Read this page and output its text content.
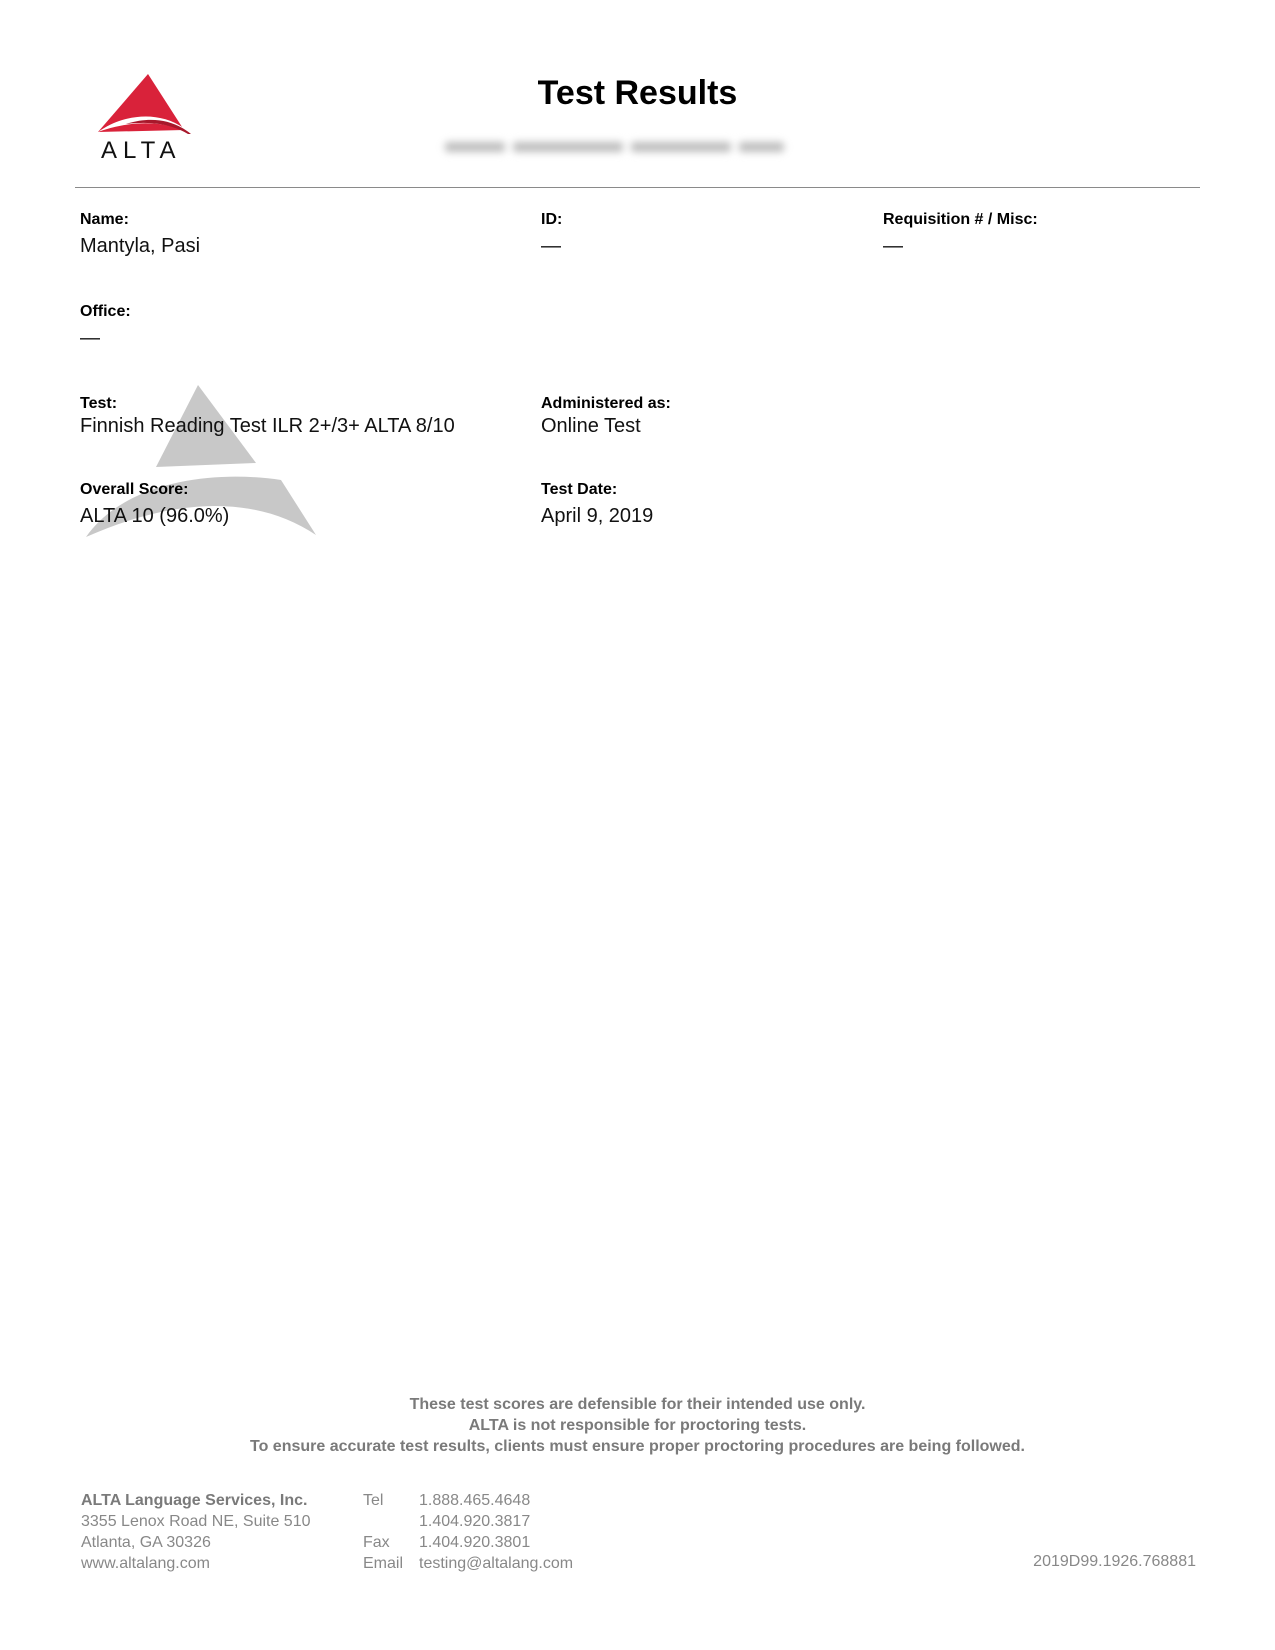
ALTA
Test Results
Name:
Mantyla, Pasi
ID:
—
Requisition # / Misc:
—
Office:
—
Test:
Finnish Reading Test ILR 2+/3+ ALTA 8/10
Administered as:
Online Test
Overall Score:
ALTA 10 (96.0%)
Test Date:
April 9, 2019
These test scores are defensible for their intended use only.
ALTA is not responsible for proctoring tests.
To ensure accurate test results, clients must ensure proper proctoring procedures are being followed.
ALTA Language Services, Inc.
3355 Lenox Road NE, Suite 510
Atlanta, GA 30326
www.altalang.com
Tel	1.888.465.4648
1.404.920.3817
Fax	1.404.920.3801
Email testing@altalang.com	2019D99.1926.768881
